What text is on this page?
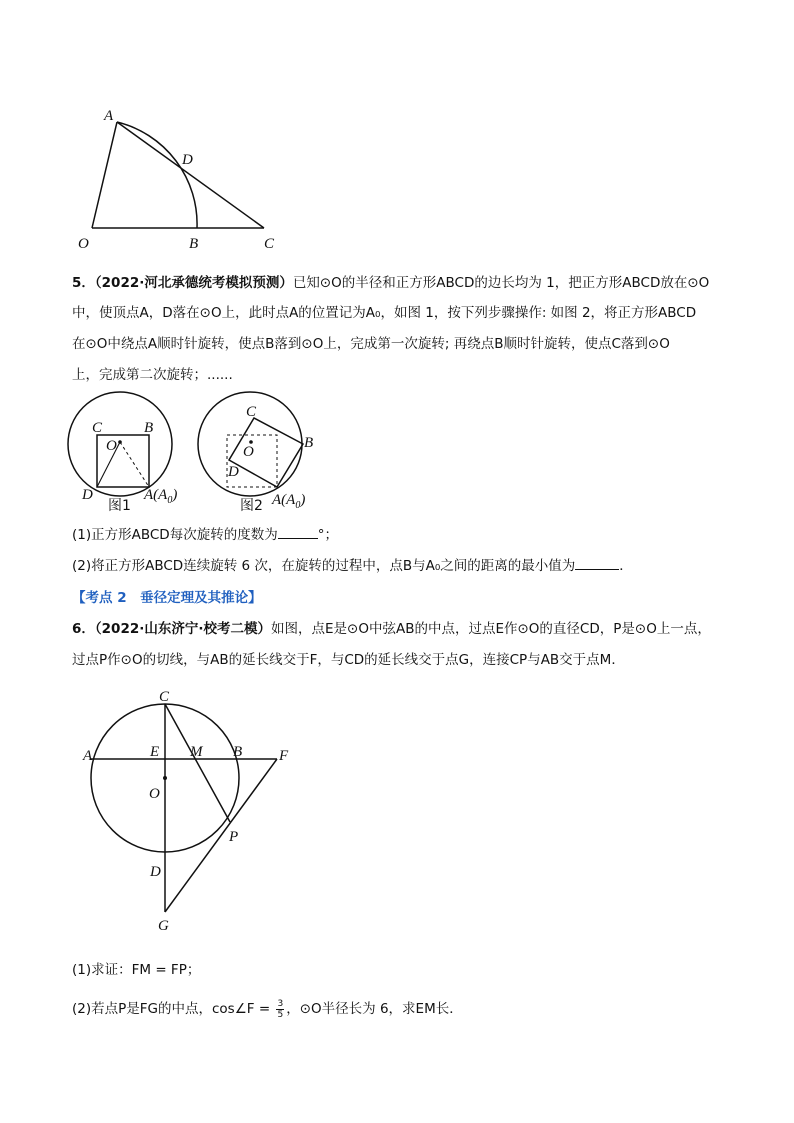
A
D
O	B	C

5．（2022·河北承德统考模拟预测）已知⊙O的半径和正方形ABCD的边长均为 1，把正方形ABCD放在⊙O

中，使顶点A，D落在⊙O上，此时点A的位置记为A₀，如图 1，按下列步骤操作: 如图 2，将正方形ABCD

在⊙O中绕点A顺时针旋转，使点B落到⊙O上，完成第一次旋转; 再绕点B顺时针旋转，使点C落到⊙O

上，完成第二次旋转；......

C	B
O
D	$A(A_0)$
图1
C
B
O
D
$A(A_0)$
图2

(1)正方形ABCD每次旋转的度数为	°；

(2)将正方形ABCD连续旋转 6 次，在旋转的过程中，点B与A₀之间的距离的最小值为	．

【考点 2　垂径定理及其推论】

6．（2022·山东济宁·校考二模）如图，点E是⊙O中弦AB的中点，过点E作⊙O的直径CD，P是⊙O上一点，

过点P作⊙O的切线，与AB的延长线交于F，与CD的延长线交于点G，连接CP与AB交于点M．

C
A	E M B F
O
P
D
G

(1)求证：FM = FP；

(2)若点P是FG的中点，cos∠F = $\frac{3}{5}$ ，⊙O半径长为 6，求EM长．
